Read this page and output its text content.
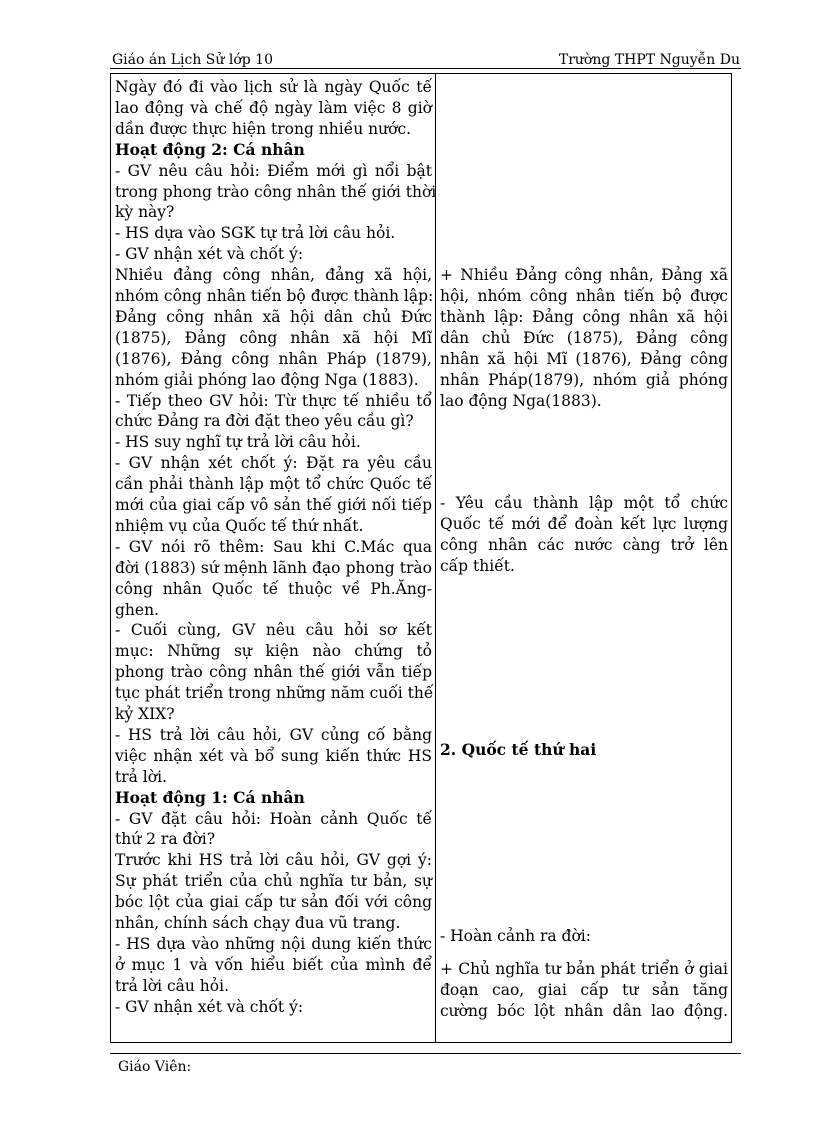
Giáo án Lịch Sử lớp 10	Trường THPT Nguyễn Du
Ngày đó đi vào lịch sử là ngày Quốc tế
lao động và chế độ ngày làm việc 8 giờ
dần được thực hiện trong nhiều nước.
Hoạt động 2: Cá nhân
- GV nêu câu hỏi: Điểm mới gì nổi bật
trong phong trào công nhân thế giới thời
kỳ này?
- HS dựa vào SGK tự trả lời câu hỏi.
- GV nhận xét và chốt ý:
Nhiều đảng công nhân, đảng xã hội,
nhóm công nhân tiến bộ được thành lập:
Đảng công nhân xã hội dân chủ Đức
(1875), Đảng công nhân xã hội Mĩ
(1876), Đảng công nhân Pháp (1879),
nhóm giải phóng lao động Nga (1883).
- Tiếp theo GV hỏi: Từ thực tế nhiều tổ
chức Đảng ra đời đặt theo yêu cầu gì?
- HS suy nghĩ tự trả lời câu hỏi.
- GV nhận xét chốt ý: Đặt ra yêu cầu
cần phải thành lập một tổ chức Quốc tế
mới của giai cấp vô sản thế giới nối tiếp
nhiệm vụ của Quốc tế thứ nhất.
- GV nói rõ thêm: Sau khi C.Mác qua
đời (1883) sứ mệnh lãnh đạo phong trào
công nhân Quốc tế thuộc về Ph.Ăng-
ghen.
- Cuối cùng, GV nêu câu hỏi sơ kết
mục: Những sự kiện nào chứng tỏ
phong trào công nhân thế giới vẫn tiếp
tục phát triển trong những năm cuối thế
kỷ XIX?
- HS trả lời câu hỏi, GV củng cố bằng
việc nhận xét và bổ sung kiến thức HS
trả lời.
Hoạt động 1: Cá nhân
- GV đặt câu hỏi: Hoàn cảnh Quốc tế
thứ 2 ra đời?
Trước khi HS trả lời câu hỏi, GV gợi ý:
Sự phát triển của chủ nghĩa tư bản, sự
bóc lột của giai cấp tư sản đối với công
nhân, chính sách chạy đua vũ trang.
- HS dựa vào những nội dung kiến thức
ở mục 1 và vốn hiểu biết của mình để
trả lời câu hỏi.
- GV nhận xét và chốt ý:
+ Nhiều Đảng công nhân, Đảng xã
hội, nhóm công nhân tiến bộ được
thành lập: Đảng công nhân xã hội
dân chủ Đức (1875), Đảng công
nhân xã hội Mĩ (1876), Đảng công
nhân Pháp(1879), nhóm giả phóng
lao động Nga(1883).
- Yêu cầu thành lập một tổ chức
Quốc tế mới để đoàn kết lực lượng
công nhân các nước càng trở lên
cấp thiết.
2. Quốc tế thứ hai
- Hoàn cảnh ra đời:
+ Chủ nghĩa tư bản phát triển ở giai
đoạn cao, giai cấp tư sản tăng
cường bóc lột nhân dân lao động.
Giáo Viên:
